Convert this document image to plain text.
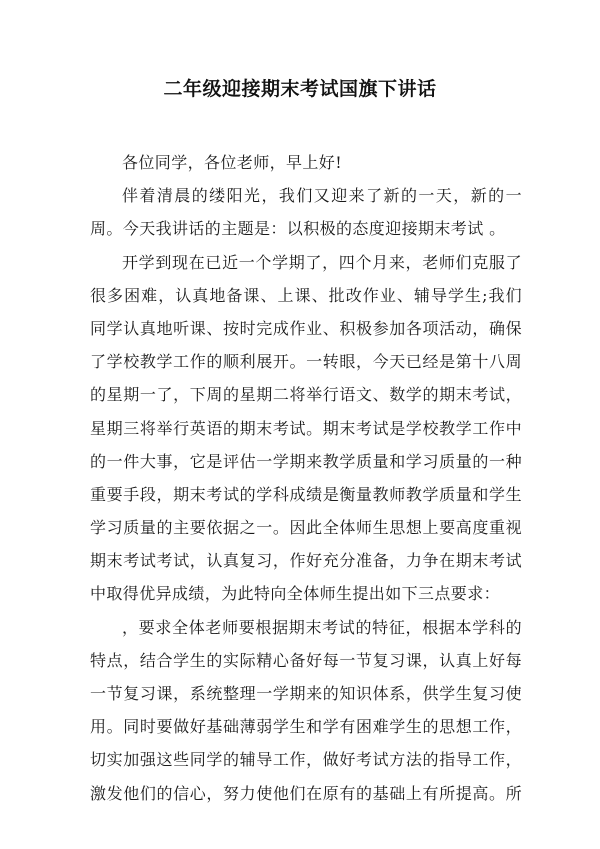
二年级迎接期末考试国旗下讲话
各位同学，各位老师，早上好!
伴着清晨的缕阳光，我们又迎来了新的一天，新的一
周。今天我讲话的主题是：以积极的态度迎接期末考试 。
开学到现在已近一个学期了，四个月来，老师们克服了
很多困难，认真地备课、上课、批改作业、辅导学生;我们
同学认真地听课、按时完成作业、积极参加各项活动，确保
了学校教学工作的顺利展开。一转眼，今天已经是第十八周
的星期一了，下周的星期二将举行语文、数学的期末考试，
星期三将举行英语的期末考试。期末考试是学校教学工作中
的一件大事，它是评估一学期来教学质量和学习质量的一种
重要手段，期末考试的学科成绩是衡量教师教学质量和学生
学习质量的主要依据之一。因此全体师生思想上要高度重视
期末考试考试，认真复习，作好充分准备，力争在期末考试
中取得优异成绩，为此特向全体师生提出如下三点要求：
，要求全体老师要根据期末考试的特征，根据本学科的
特点，结合学生的实际精心备好每一节复习课，认真上好每
一节复习课，系统整理一学期来的知识体系，供学生复习使
用。同时要做好基础薄弱学生和学有困难学生的思想工作，
切实加强这些同学的辅导工作，做好考试方法的指导工作，
激发他们的信心，努力使他们在原有的基础上有所提高。所
